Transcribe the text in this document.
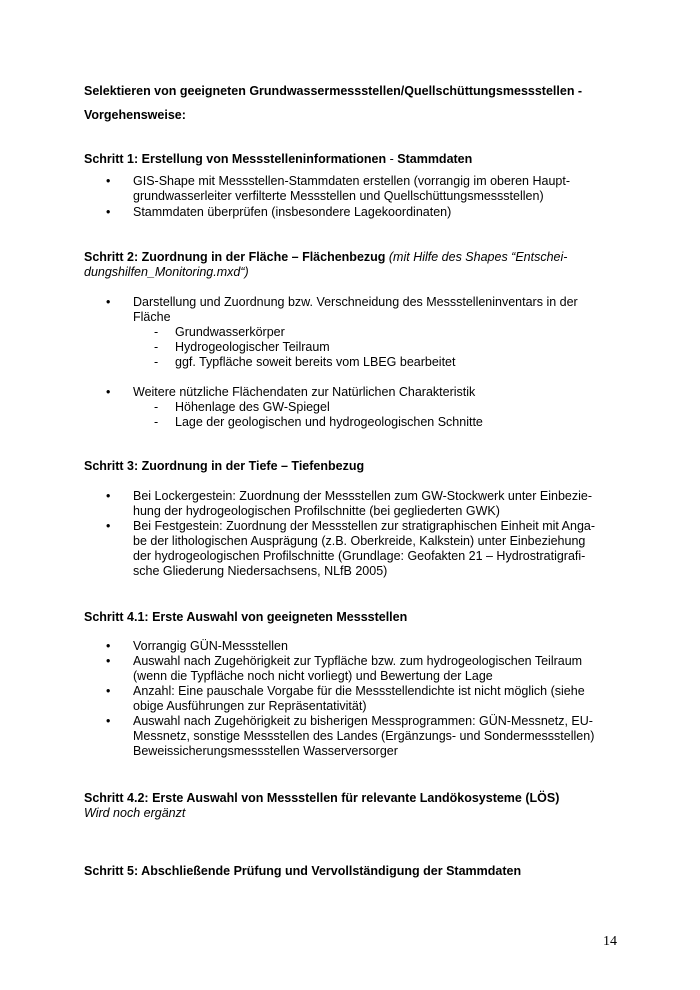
Selektieren von geeigneten Grundwassermessstellen/Quellschüttungsmessstellen -
Vorgehensweise:
Schritt 1: Erstellung von Messstelleninformationen - Stammdaten
• GIS-Shape mit Messstellen-Stammdaten erstellen (vorrangig im oberen Haupt-
grundwasserleiter verfilterte Messstellen und Quellschüttungsmessstellen)
• Stammdaten überprüfen (insbesondere Lagekoordinaten)
Schritt 2: Zuordnung in der Fläche – Flächenbezug (mit Hilfe des Shapes “Entschei-
dungshilfen_Monitoring.mxd“)
• Darstellung und Zuordnung bzw. Verschneidung des Messstelleninventars in der
Fläche
- Grundwasserkörper
- Hydrogeologischer Teilraum
- ggf. Typfläche soweit bereits vom LBEG bearbeitet
• Weitere nützliche Flächendaten zur Natürlichen Charakteristik
- Höhenlage des GW-Spiegel
- Lage der geologischen und hydrogeologischen Schnitte
Schritt 3: Zuordnung in der Tiefe – Tiefenbezug
• Bei Lockergestein: Zuordnung der Messstellen zum GW-Stockwerk unter Einbezie-
hung der hydrogeologischen Profilschnitte (bei gegliederten GWK)
• Bei Festgestein: Zuordnung der Messstellen zur stratigraphischen Einheit mit Anga-
be der lithologischen Ausprägung (z.B. Oberkreide, Kalkstein) unter Einbeziehung
der hydrogeologischen Profilschnitte (Grundlage: Geofakten 21 – Hydrostratigrafi-
sche Gliederung Niedersachsens, NLfB 2005)
Schritt 4.1: Erste Auswahl von geeigneten Messstellen
• Vorrangig GÜN-Messstellen
• Auswahl nach Zugehörigkeit zur Typfläche bzw. zum hydrogeologischen Teilraum
(wenn die Typfläche noch nicht vorliegt) und Bewertung der Lage
• Anzahl: Eine pauschale Vorgabe für die Messstellendichte ist nicht möglich (siehe
obige Ausführungen zur Repräsentativität)
• Auswahl nach Zugehörigkeit zu bisherigen Messprogrammen: GÜN-Messnetz, EU-
Messnetz, sonstige Messstellen des Landes (Ergänzungs- und Sondermessstellen)
Beweissicherungsmessstellen Wasserversorger
Schritt 4.2: Erste Auswahl von Messstellen für relevante Landökosysteme (LÖS)
Wird noch ergänzt
Schritt 5: Abschließende Prüfung und Vervollständigung der Stammdaten
14
